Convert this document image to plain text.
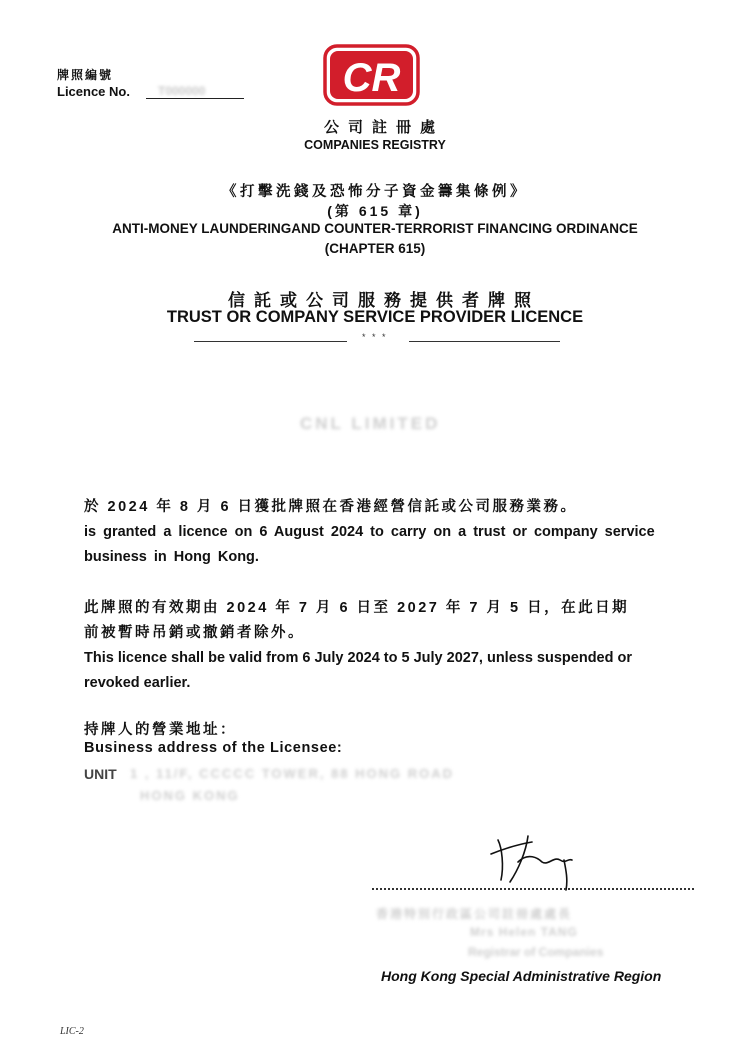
牌照編號
Licence No. T000000	CR
公司註冊處
COMPANIES REGISTRY
《打擊洗錢及恐怖分子資金籌集條例》
(第 615 章)
ANTI-MONEY LAUNDERINGAND COUNTER-TERRORIST FINANCING ORDINANCE
(CHAPTER 615)
信託或公司服務提供者牌照
TRUST OR COMPANY SERVICE PROVIDER LICENCE
* * *
CNL LIMITED
於 2024 年 8 月 6 日獲批牌照在香港經營信託或公司服務業務。
is granted a licence on 6 August 2024 to carry on a trust or company service business in Hong Kong.
此牌照的有效期由 2024 年 7 月 6 日至 2027 年 7 月 5 日，在此日期
前被暫時吊銷或撤銷者除外。
This licence shall be valid from 6 July 2024 to 5 July 2027, unless suspended or revoked earlier.
持牌人的營業地址：
Business address of the Licensee:
UNIT 1 , 11/F, CCCCC TOWER, 88 HONG ROAD
HONG KONG
香港特別行政區公司註冊處處長
Mrs Helen TANG
Registrar of Companies
Hong Kong Special Administrative Region
LIC-2
